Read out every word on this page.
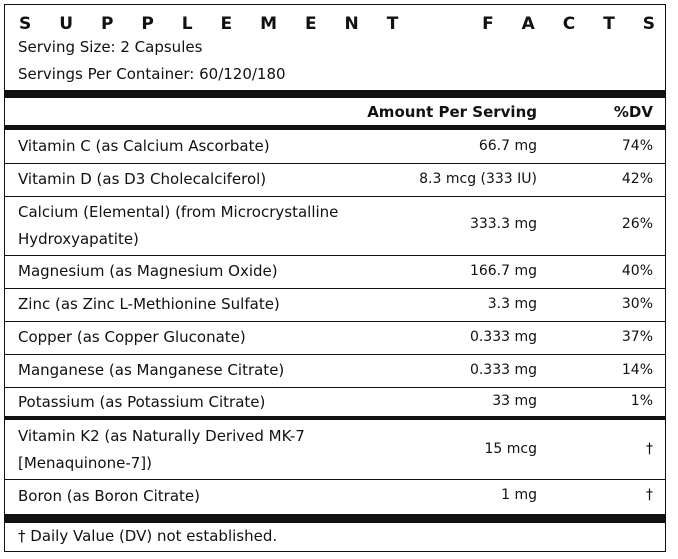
S U P P L E M E N T	F A C T S
Serving Size: 2 Capsules
Servings Per Container: 60/120/180
Amount Per Serving	%DV
Vitamin C (as Calcium Ascorbate)	66.7 mg	74%
Vitamin D (as D3 Cholecalciferol)	8.3 mcg (333 IU)	42%
Calcium (Elemental) (from Microcrystalline
Hydroxyapatite)
333.3 mg	26%
Magnesium (as Magnesium Oxide)	166.7 mg	40%
Zinc (as Zinc L-Methionine Sulfate)	3.3 mg	30%
Copper (as Copper Gluconate)	0.333 mg	37%
Manganese (as Manganese Citrate)	0.333 mg	14%
Potassium (as Potassium Citrate)	33 mg	1%
Vitamin K2 (as Naturally Derived MK-7
[Menaquinone-7])
15 mcg	†
Boron (as Boron Citrate)	1 mg	†
† Daily Value (DV) not established.
